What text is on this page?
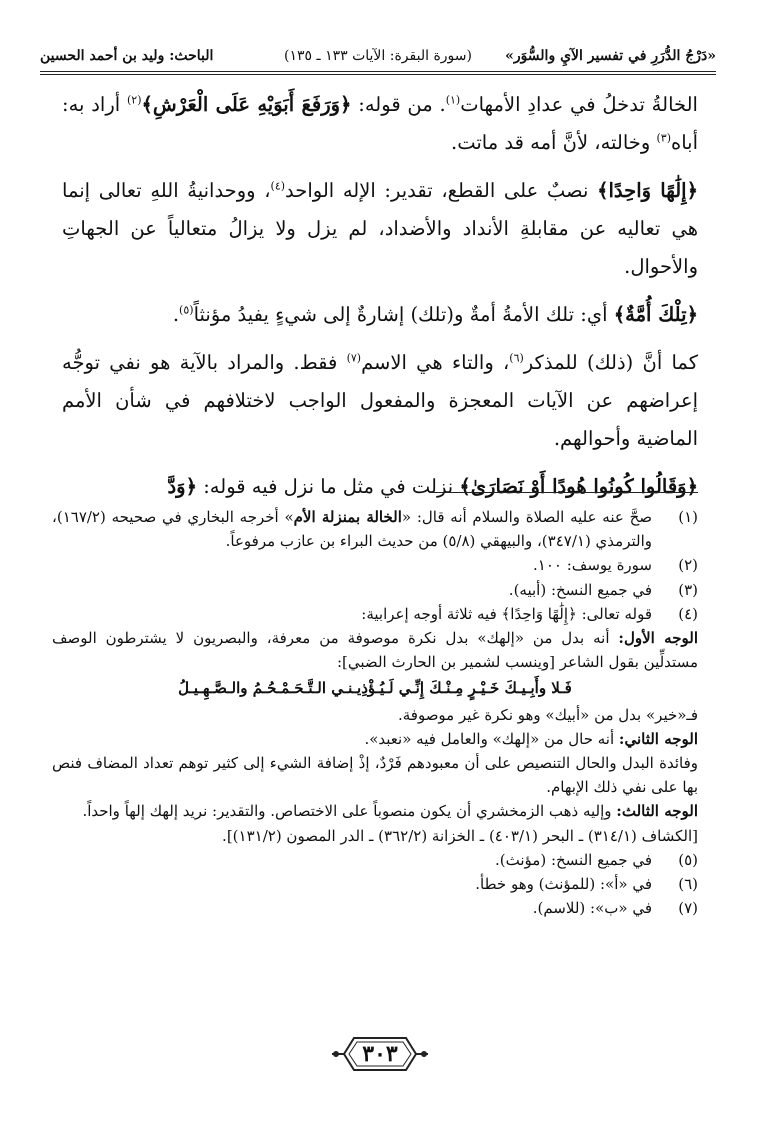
«دَرْجُ الدُّرَرِ في تفسير الآيِ والسُّوَر»
(سورة البقرة: الآيات ١٣٣ ـ ١٣٥)
الباحث: وليد بن أحمد الحسين

الخالةُ تدخلُ في عدادِ الأمهات$^{(١)}$. من قوله: ﴿وَرَفَعَ أَبَوَيْهِ عَلَى الْعَرْشِ﴾$^{(٢)}$ أراد به: أباه$^{(٣)}$ وخالته، لأنَّ أمه قد ماتت.

﴿إِلَٰهًا وَاحِدًا﴾ نصبٌ على القطع، تقدير: الإله الواحد$^{(٤)}$، ووحدانيةُ اللهِ تعالى إنما هي تعاليه عن مقابلةِ الأنداد والأضداد، لم يزل ولا يزالُ متعالياً عن الجهاتِ والأحوال.

﴿تِلْكَ أُمَّةٌ﴾ أي: تلك الأمةُ أمةٌ و(تلك) إشارةٌ إلى شيءٍ يفيدُ مؤنثاً$^{(٥)}$.

كما أنَّ (ذلك) للمذكر$^{(٦)}$، والتاء هي الاسم$^{(٧)}$ فقط. والمراد بالآية هو نفي توجُّه إعراضهم عن الآيات المعجزة والمفعول الواجب لاختلافهم في شأن الأمم الماضية وأحوالهم.

﴿وَقَالُوا كُونُوا هُودًا أَوْ نَصَارَىٰ﴾ نزلت في مثل ما نزل فيه قوله: ﴿وَدَّ

(١)
صحَّ عنه عليه الصلاة والسلام أنه قال: «الخالة بمنزلة الأم» أخرجه البخاري في صحيحه (١٦٧/٢)، والترمذي (٣٤٧/١)، والبيهقي (٥/٨) من حديث البراء بن عازب مرفوعاً.
(٢)
سورة يوسف: ١٠٠.
(٣)
في جميع النسخ: (أبيه).
(٤)
قوله تعالى: ﴿إِلَٰهًا وَاحِدًا﴾ فيه ثلاثة أوجه إعرابية:
الوجه الأول: أنه بدل من «إلهك» بدل نكرة موصوفة من معرفة، والبصريون لا يشترطون الوصف مستدلِّين بقول الشاعر [وينسب لشمير بن الحارث الضبي]:
فَـلا وأَبِـيـكَ خَـيْـرٍ مِـنْـكَ إِنِّـي لَـيُـؤْذِيـنـي الـتَّـحَـمْـحُـمُ والـصَّـهِـيـلُ
فـ«خير» بدل من «أبيك» وهو نكرة غير موصوفة.
الوجه الثاني: أنه حال من «إلهك» والعامل فيه «نعبد».
وفائدة البدل والحال التنصيص على أن معبودهم فَرْدٌ، إذْ إضافة الشيء إلى كثير توهم تعداد المضاف فنص بها على نفي ذلك الإبهام.
الوجه الثالث: وإليه ذهب الزمخشري أن يكون منصوباً على الاختصاص. والتقدير: نريد إلهك إلهاً واحداً.
[الكشاف (٣١٤/١) ـ البحر (٤٠٣/١) ـ الخزانة (٣٦٢/٢) ـ الدر المصون (١٣١/٢)].
(٥)
في جميع النسخ: (مؤنث).
(٦)
في «أ»: (للمؤنث) وهو خطأ.
(٧)
في «ب»: (للاسم).
٣٠٣
